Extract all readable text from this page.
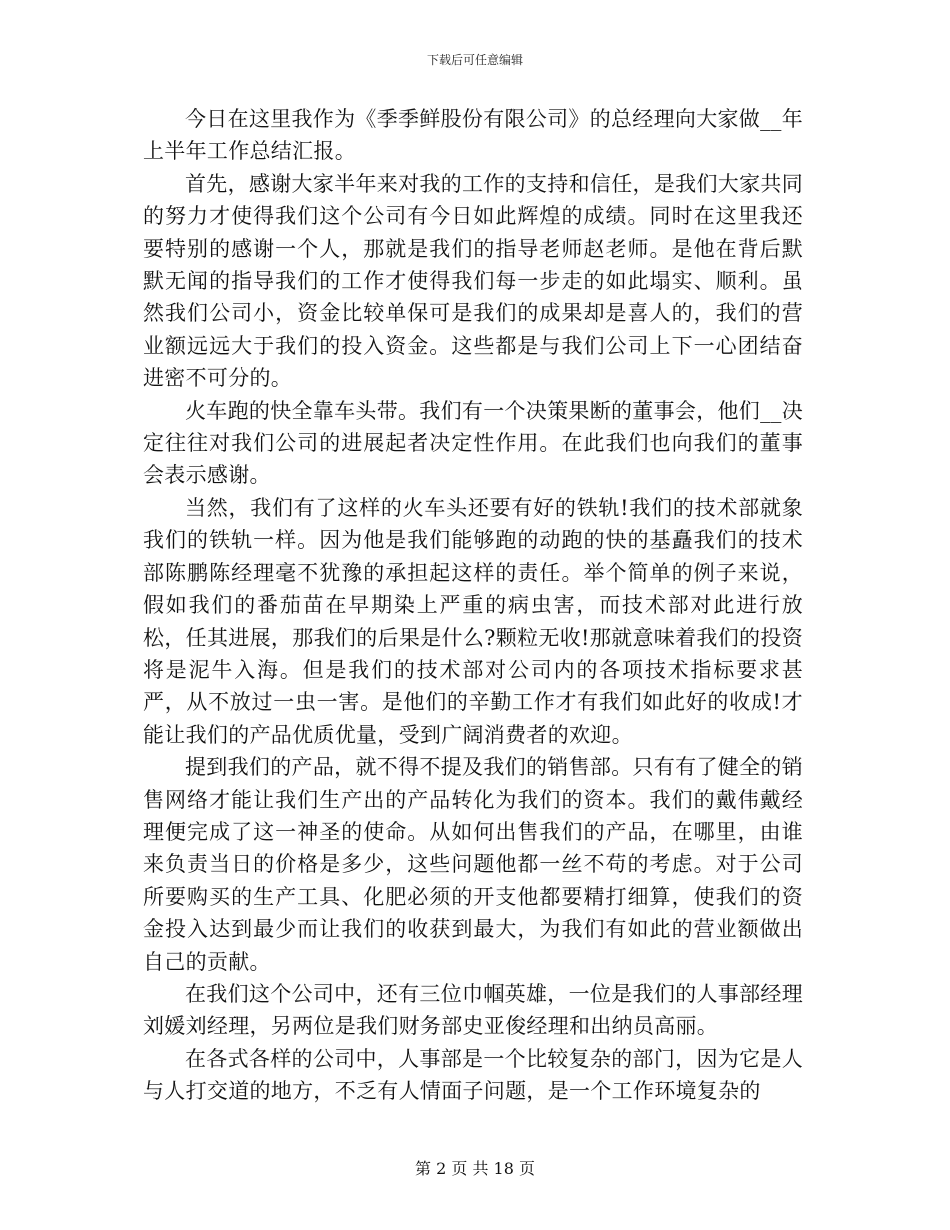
下载后可任意编辑

今日在这里我作为《季季鲜股份有限公司》的总经理向大家做__年上半年工作总结汇报。

首先，感谢大家半年来对我的工作的支持和信任，是我们大家共同的努力才使得我们这个公司有今日如此辉煌的成绩。同时在这里我还要特别的感谢一个人，那就是我们的指导老师赵老师。是他在背后默默无闻的指导我们的工作才使得我们每一步走的如此塌实、顺利。虽然我们公司小，资金比较单保可是我们的成果却是喜人的，我们的营业额远远大于我们的投入资金。这些都是与我们公司上下一心团结奋进密不可分的。

火车跑的快全靠车头带。我们有一个决策果断的董事会，他们__决定往往对我们公司的进展起者决定性作用。在此我们也向我们的董事会表示感谢。

当然，我们有了这样的火车头还要有好的铁轨!我们的技术部就象我们的铁轨一样。因为他是我们能够跑的动跑的快的基矗我们的技术部陈鹏陈经理毫不犹豫的承担起这样的责任。举个简单的例子来说，假如我们的番茄苗在早期染上严重的病虫害，而技术部对此进行放松，任其进展，那我们的后果是什么?颗粒无收!那就意味着我们的投资将是泥牛入海。但是我们的技术部对公司内的各项技术指标要求甚严，从不放过一虫一害。是他们的辛勤工作才有我们如此好的收成!才能让我们的产品优质优量，受到广阔消费者的欢迎。

提到我们的产品，就不得不提及我们的销售部。只有有了健全的销售网络才能让我们生产出的产品转化为我们的资本。我们的戴伟戴经理便完成了这一神圣的使命。从如何出售我们的产品，在哪里，由谁来负责当日的价格是多少，这些问题他都一丝不苟的考虑。对于公司所要购买的生产工具、化肥必须的开支他都要精打细算，使我们的资金投入达到最少而让我们的收获到最大，为我们有如此的营业额做出自己的贡献。

在我们这个公司中，还有三位巾帼英雄，一位是我们的人事部经理刘媛刘经理，另两位是我们财务部史亚俊经理和出纳员高丽。

在各式各样的公司中，人事部是一个比较复杂的部门，因为它是人与人打交道的地方，不乏有人情面子问题，是一个工作环境复杂的

第 2 页 共 18 页
